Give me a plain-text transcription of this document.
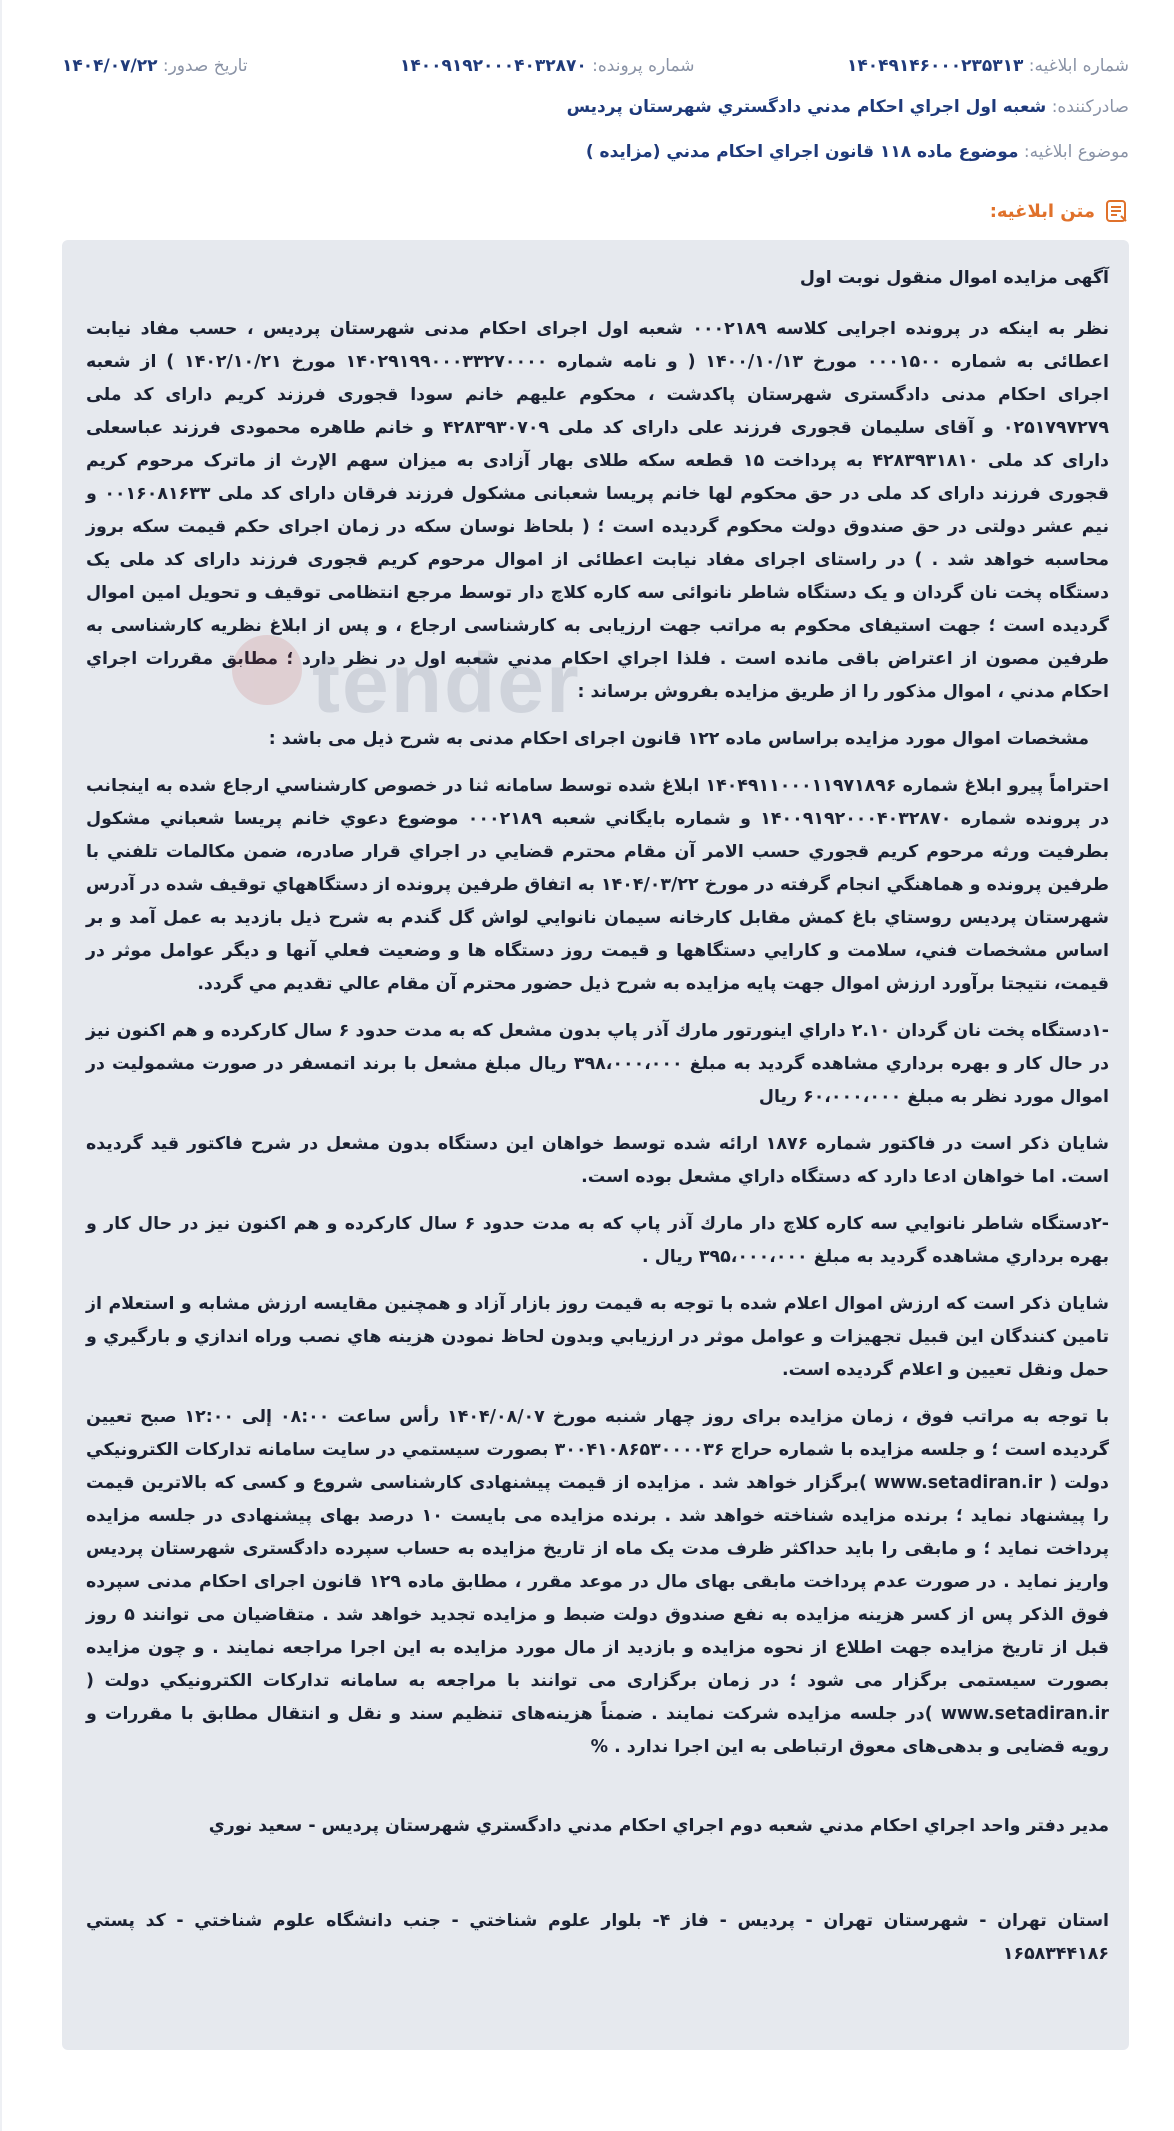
شماره ابلاغیه: ۱۴۰۴۹۱۴۶۰۰۰۲۳۵۳۱۳
شماره پرونده: ۱۴۰۰۹۱۹۲۰۰۰۴۰۳۲۸۷۰
تاریخ صدور: ۱۴۰۴/۰۷/۲۲
صادرکننده: شعبه اول اجراي احكام مدني دادگستري شهرستان پرديس
موضوع ابلاغیه: موضوع ماده ۱۱۸ قانون اجراي احكام مدني (مزايده )
متن ابلاغیه:
tender

آگهی مزایده اموال منقول نوبت اول

نظر به اینکه در پرونده اجرایی کلاسه ۰۰۰۲۱۸۹ شعبه اول اجرای احکام مدنی شهرستان پردیس ، حسب مفاد نیابت اعطائی به شماره ۰۰۰۱۵۰۰ مورخ ۱۴۰۰/۱۰/۱۳ ( و نامه شماره ۱۴۰۲۹۱۹۹۰۰۰۳۳۲۷۰۰۰۰ مورخ ۱۴۰۲/۱۰/۲۱ ) از شعبه اجرای احکام مدنی دادگستری شهرستان پاکدشت ، محکوم علیهم خانم سودا قجوری فرزند کریم دارای کد ملی ۰۲۵۱۷۹۷۲۷۹ و آقای سلیمان قجوری فرزند علی دارای کد ملی ۴۲۸۳۹۳۰۷۰۹ و خانم طاهره محمودی فرزند عباسعلی دارای کد ملی ۴۲۸۳۹۳۱۸۱۰ به پرداخت ۱۵ قطعه سکه طلای بهار آزادی به میزان سهم الإرث از ماترک مرحوم کریم قجوری فرزند دارای کد ملی در حق محکوم لها خانم پریسا شعبانی مشکول فرزند فرقان دارای کد ملی ۰۰۱۶۰۸۱۶۳۳ و نیم عشر دولتی در حق صندوق دولت محکوم گردیده است ؛ ( بلحاظ نوسان سکه در زمان اجرای حکم قیمت سکه بروز محاسبه خواهد شد . ) در راستای اجرای مفاد نیابت اعطائی از اموال مرحوم کریم قجوری فرزند دارای کد ملی یک دستگاه پخت نان گردان و یک دستگاه شاطر نانوائی سه کاره کلاچ دار توسط مرجع انتظامی توقیف و تحویل امین اموال گردیده است ؛ جهت استیفای محکوم به مراتب جهت ارزیابی به کارشناسی ارجاع ، و پس از ابلاغ نظریه کارشناسی به طرفین مصون از اعتراض باقی مانده است . فلذا اجراي احكام مدني شعبه اول در نظر دارد ؛ مطابق مقررات اجراي احكام مدني ، اموال مذکور را از طریق مزایده بفروش برساند :

مشخصات اموال مورد مزایده براساس ماده ۱۲۲ قانون اجرای احکام مدنی به شرح ذیل می باشد :

احتراماً پیرو ابلاغ شماره ۱۴۰۴۹۱۱۰۰۰۱۱۹۷۱۸۹۶ ابلاغ شده توسط سامانه ثنا در خصوص كارشناسي ارجاع شده به اينجانب در پرونده شماره ۱۴۰۰۹۱۹۲۰۰۰۴۰۳۲۸۷۰ و شماره بايگاني شعبه ۰۰۰۲۱۸۹ موضوع دعوي خانم پريسا شعباني مشكول بطرفيت ورثه مرحوم كريم قجوري حسب الامر آن مقام محترم قضايي در اجراي قرار صادره، ضمن مكالمات تلفني با طرفين پرونده و هماهنگي انجام گرفته در مورخ ۱۴۰۴/۰۳/۲۲ به اتفاق طرفين پرونده از دستگاههاي توقيف شده در آدرس شهرستان پرديس روستاي باغ كمش مقابل كارخانه سيمان نانوايي لواش گل گندم به شرح ذيل بازديد به عمل آمد و بر اساس مشخصات فني، سلامت و كارايي دستگاهها و قيمت روز دستگاه ها و وضعيت فعلي آنها و ديگر عوامل موثر در قيمت، نتيجتا برآورد ارزش اموال جهت پايه مزايده به شرح ذيل حضور محترم آن مقام عالي تقديم مي گردد.

-۱دستگاه پخت نان گردان ۲.۱۰ داراي اينورتور مارك آذر پاپ بدون مشعل كه به مدت حدود ۶ سال كاركرده و هم اكنون نيز در حال كار و بهره برداري مشاهده گرديد به مبلغ ۳۹۸،۰۰۰،۰۰۰ ريال مبلغ مشعل با برند اتمسفر در صورت مشموليت در اموال مورد نظر به مبلغ ۶۰،۰۰۰،۰۰۰ ريال

شايان ذكر است در فاكتور شماره ۱۸۷۶ ارائه شده توسط خواهان اين دستگاه بدون مشعل در شرح فاكتور قيد گرديده است. اما خواهان ادعا دارد كه دستگاه داراي مشعل بوده است.

-۲دستگاه شاطر نانوايي سه كاره كلاچ دار مارك آذر پاپ كه به مدت حدود ۶ سال كاركرده و هم اكنون نيز در حال كار و بهره برداري مشاهده گرديد به مبلغ ۳۹۵،۰۰۰،۰۰۰ ريال .

شايان ذكر است كه ارزش اموال اعلام شده با توجه به قيمت روز بازار آزاد و همچنين مقايسه ارزش مشابه و استعلام از تامين كنندگان اين قبيل تجهيزات و عوامل موثر در ارزيابي وبدون لحاظ نمودن هزينه هاي نصب وراه اندازي و بارگيري و حمل ونقل تعيين و اعلام گرديده است.

با توجه به مراتب فوق ، زمان مزایده برای روز چهار شنبه مورخ ۱۴۰۴/۰۸/۰۷ رأس ساعت ۰۸:۰۰ إلی ۱۲:۰۰ صبح تعیین گردیده است ؛ و جلسه مزایده با شماره حراج ۳۰۰۴۱۰۸۶۵۳۰۰۰۰۳۶ بصورت سیستمي در سایت سامانه تداركات الكترونيكي دولت ( www.setadiran.ir )برگزار خواهد شد . مزایده از قیمت پیشنهادی کارشناسی شروع و کسی که بالاترین قیمت را پیشنهاد نماید ؛ برنده مزایده شناخته خواهد شد . برنده مزایده می بایست ۱۰ درصد بهای پیشنهادی در جلسه مزایده پرداخت نماید ؛ و مابقی را باید حداکثر ظرف مدت یک ماه از تاریخ مزایده به حساب سپرده دادگستری شهرستان پردیس واریز نماید . در صورت عدم پرداخت مابقی بهای مال در موعد مقرر ، مطابق ماده ۱۲۹ قانون اجرای احکام مدنی سپرده فوق الذکر پس از کسر هزینه مزایده به نفع صندوق دولت ضبط و مزایده تجدید خواهد شد . متقاضیان می توانند ۵ روز قبل از تاریخ مزایده جهت اطلاع از نحوه مزایده و بازدید از مال مورد مزایده به این اجرا مراجعه نمایند . و چون مزایده بصورت سیستمی برگزار می شود ؛ در زمان برگزاری می توانند با مراجعه به سامانه تداركات الكترونيكي دولت ( www.setadiran.ir )در جلسه مزایده شرکت نمایند . ضمناً هزینه‌های تنظیم سند و نقل و انتقال مطابق با مقررات و رویه قضایی و بدهی‌های معوق ارتباطی به این اجرا ندارد . %

مدير دفتر واحد اجراي احكام مدني شعبه دوم اجراي احكام مدني دادگستري شهرستان پرديس - سعيد نوري

استان تهران - شهرستان تهران - پرديس - فاز ۴- بلوار علوم شناختي - جنب دانشگاه علوم شناختي - كد پستي ۱۶۵۸۳۴۴۱۸۶
